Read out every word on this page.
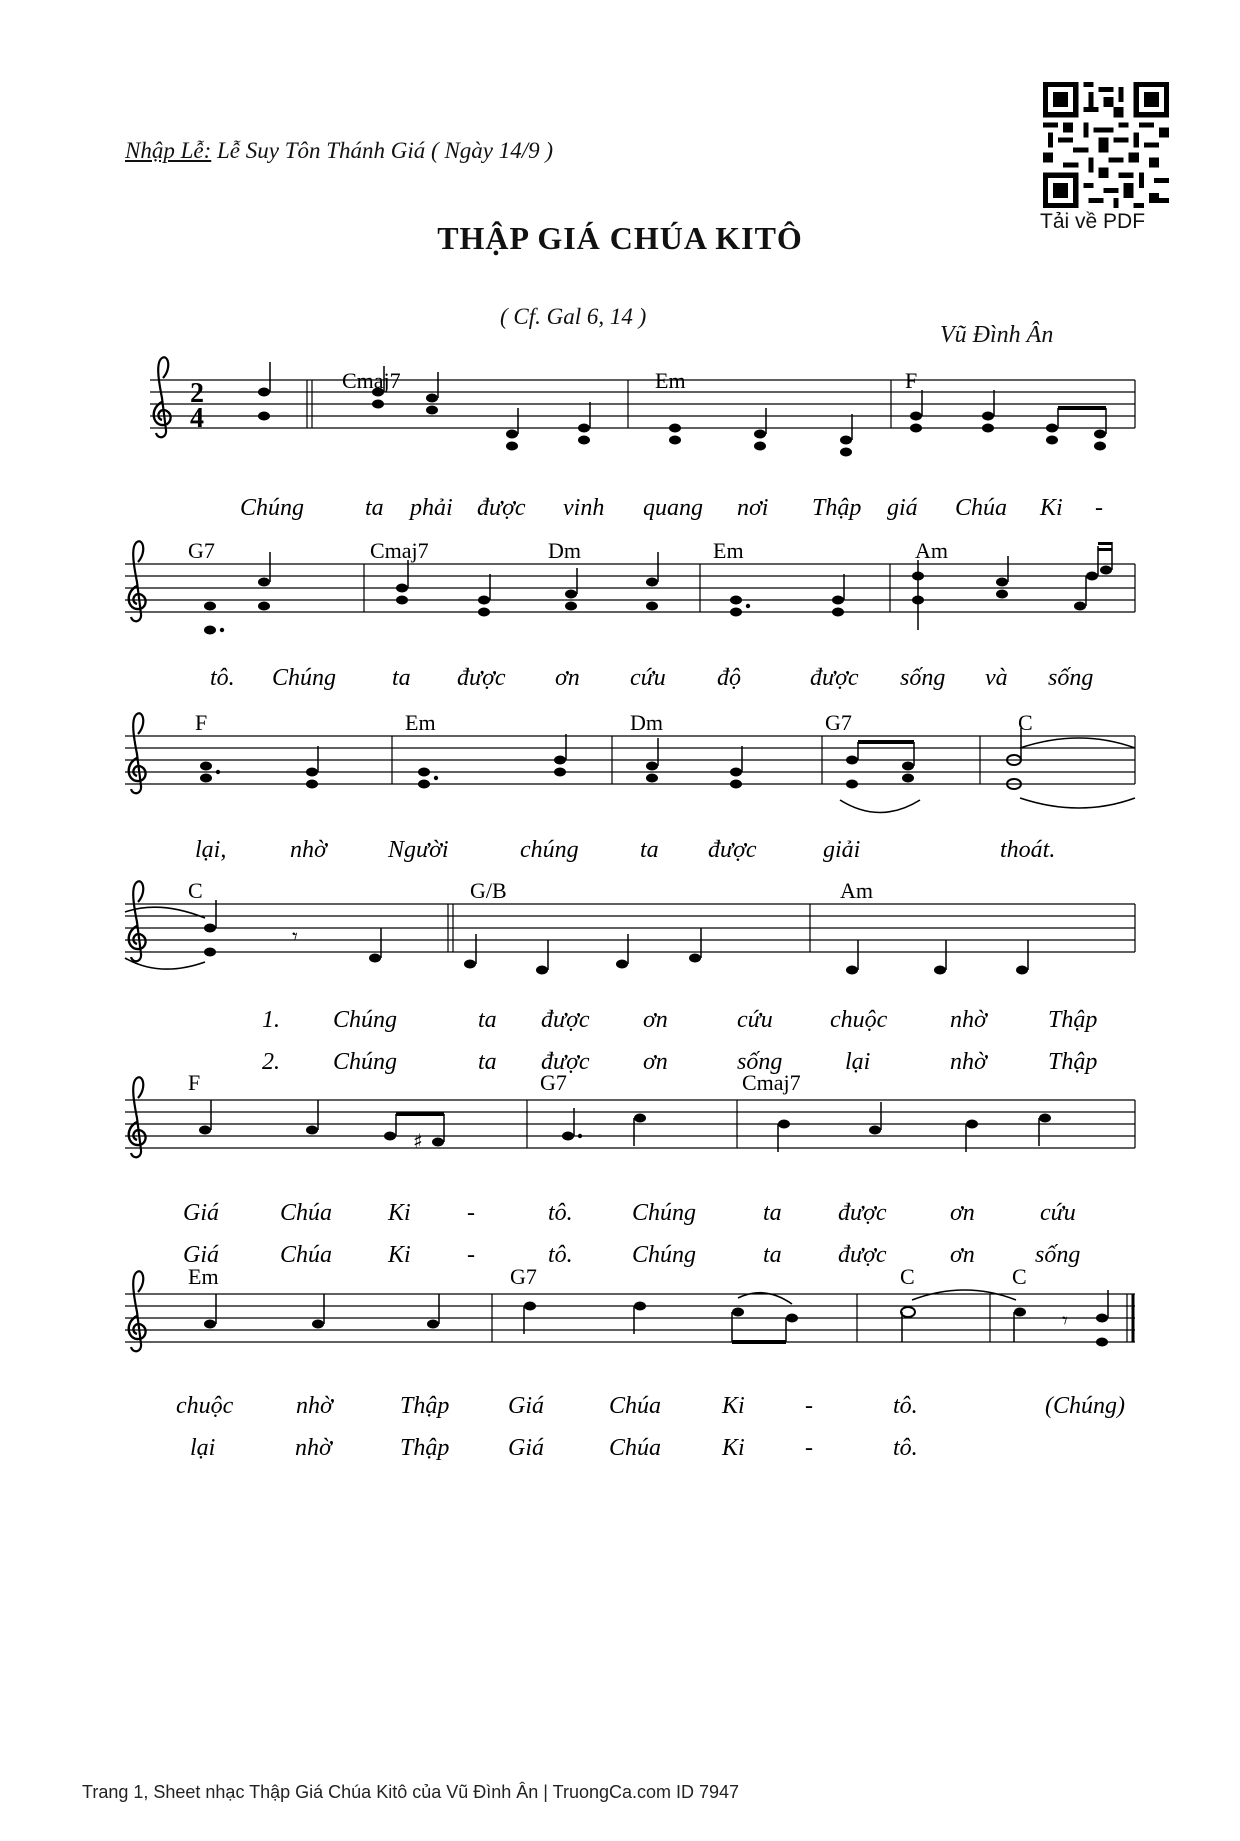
Nhập Lễ: Lễ Suy Tôn Thánh Giá ( Ngày 14/9 )
THẬP GIÁ CHÚA KITÔ
( Cf. Gal 6, 14 )
Vũ Đình Ân
Tải về PDF
2
4
Cmaj7	Em	F
Chúng	ta phải được vinh quang nơi Thập giá Chúa Ki -
G7	Cmaj7	Dm	Em	Am
tô. Chúng ta được ơn cứu độ	được sống và sống
F	Em	Dm	G7	C
lại,	nhờ	Người	chúng	ta được	giải	thoát.
𝄾
C	G/B	Am
1. Chúng	ta được ơn	cứu chuộc	nhờ	Thập
2. Chúng	ta được ơn	sống	lại	nhờ	Thập
♯
F	G7	Cmaj7
Giá	Chúa Ki -	tô. Chúng	ta được	ơn	cứu
Giá	Chúa Ki -	tô. Chúng	ta được	ơn	sống
𝄾
Em	G7	C	C
chuộc	nhờ	Thập Giá	Chúa	Ki	-	tô.	(Chúng)
lại	nhờ	Thập Giá	Chúa	Ki	-	tô.
Trang 1, Sheet nhạc Thập Giá Chúa Kitô của Vũ Đình Ân | TruongCa.com ID 7947
